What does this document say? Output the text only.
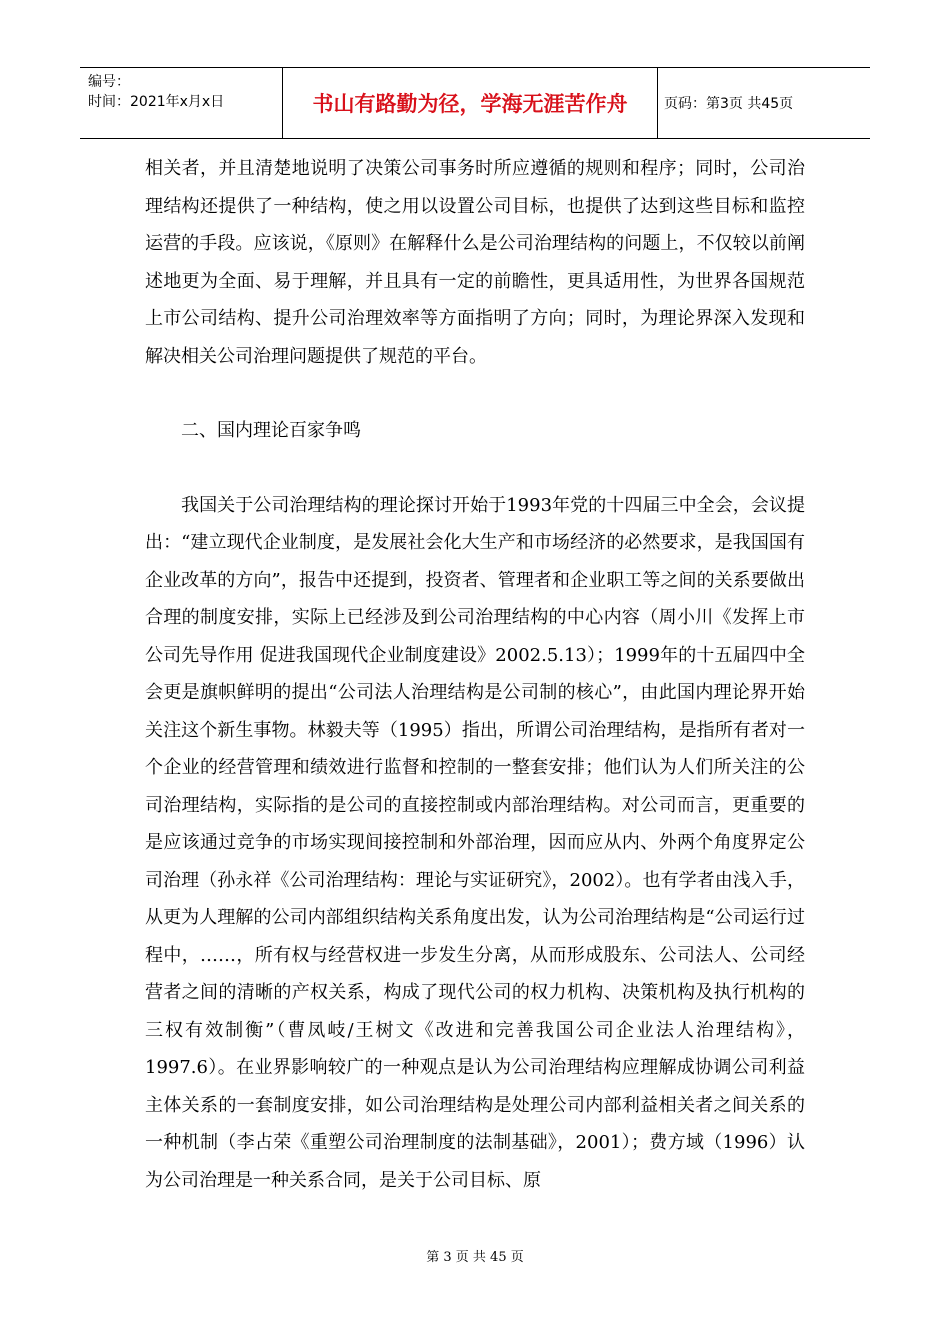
编号：
时间：2021年x月x日	书山有路勤为径，学海无涯苦作舟	页码：第3页 共45页

相关者，并且清楚地说明了决策公司事务时所应遵循的规则和程序；同时，公司治理结构还提供了一种结构，使之用以设置公司目标，也提供了达到这些目标和监控运营的手段。应该说，《原则》在解释什么是公司治理结构的问题上，不仅较以前阐述地更为全面、易于理解，并且具有一定的前瞻性，更具适用性，为世界各国规范上市公司结构、提升公司治理效率等方面指明了方向；同时，为理论界深入发现和解决相关公司治理问题提供了规范的平台。

二、国内理论百家争鸣

我国关于公司治理结构的理论探讨开始于1993年党的十四届三中全会，会议提出：“建立现代企业制度，是发展社会化大生产和市场经济的必然要求，是我国国有企业改革的方向”，报告中还提到，投资者、管理者和企业职工等之间的关系要做出合理的制度安排，实际上已经涉及到公司治理结构的中心内容（周小川《发挥上市公司先导作用 促进我国现代企业制度建设》2002.5.13）；1999年的十五届四中全会更是旗帜鲜明的提出“公司法人治理结构是公司制的核心”，由此国内理论界开始关注这个新生事物。林毅夫等（1995）指出，所谓公司治理结构，是指所有者对一个企业的经营管理和绩效进行监督和控制的一整套安排；他们认为人们所关注的公司治理结构，实际指的是公司的直接控制或内部治理结构。对公司而言，更重要的是应该通过竞争的市场实现间接控制和外部治理，因而应从内、外两个角度界定公司治理（孙永祥《公司治理结构：理论与实证研究》，2002）。也有学者由浅入手，从更为人理解的公司内部组织结构关系角度出发，认为公司治理结构是“公司运行过程中，……，所有权与经营权进一步发生分离，从而形成股东、公司法人、公司经营者之间的清晰的产权关系，构成了现代公司的权力机构、决策机构及执行机构的三权有效制衡”（曹凤岐/王树文《改进和完善我国公司企业法人治理结构》，1997.6）。在业界影响较广的一种观点是认为公司治理结构应理解成协调公司利益主体关系的一套制度安排，如公司治理结构是处理公司内部利益相关者之间关系的一种机制（李占荣《重塑公司治理制度的法制基础》，2001）；费方域（1996）认为公司治理是一种关系合同，是关于公司目标、原

第 3 页 共 45 页
